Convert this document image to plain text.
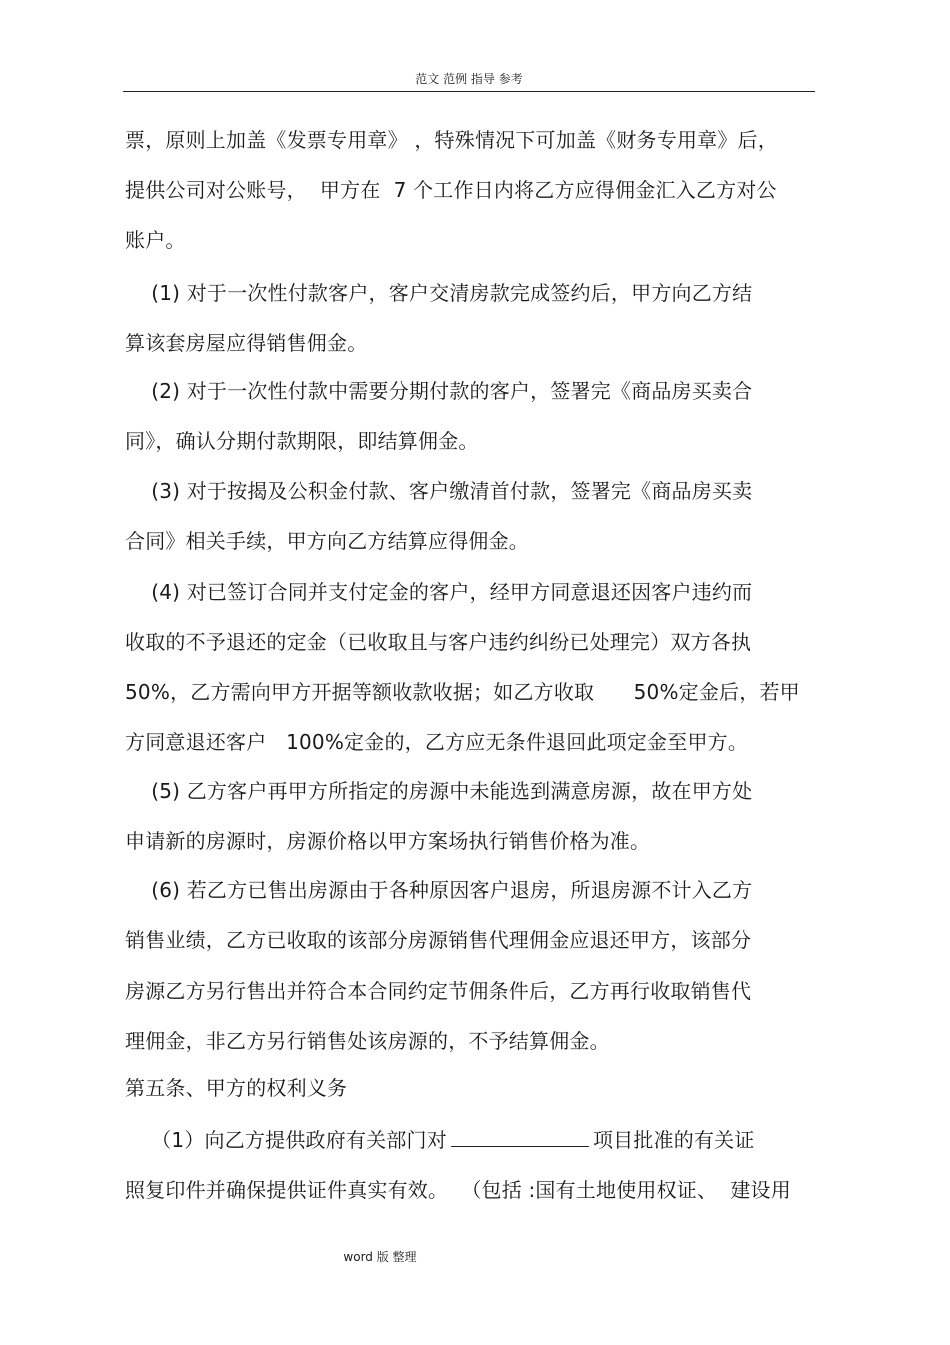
范文 范例 指导 参考
票，原则上加盖《发票专用章》 ，特殊情况下可加盖《财务专用章》后，
提供公司对公账号，  甲方在  7 个工作日内将乙方应得佣金汇入乙方对公
账户。
(1) 对于一次性付款客户，客户交清房款完成签约后，甲方向乙方结
算该套房屋应得销售佣金。
(2) 对于一次性付款中需要分期付款的客户，签署完《商品房买卖合
同》，确认分期付款期限，即结算佣金。
(3) 对于按揭及公积金付款、客户缴清首付款，签署完《商品房买卖
合同》相关手续，甲方向乙方结算应得佣金。
(4) 对已签订合同并支付定金的客户，经甲方同意退还因客户违约而
收取的不予退还的定金（已收取且与客户违约纠纷已处理完）双方各执
50%，乙方需向甲方开据等额收款收据；如乙方收取      50%定金后，若甲
方同意退还客户   100%定金的，乙方应无条件退回此项定金至甲方。
(5) 乙方客户再甲方所指定的房源中未能选到满意房源，故在甲方处
申请新的房源时，房源价格以甲方案场执行销售价格为准。
(6) 若乙方已售出房源由于各种原因客户退房，所退房源不计入乙方
销售业绩，乙方已收取的该部分房源销售代理佣金应退还甲方，该部分
房源乙方另行售出并符合本合同约定节佣条件后，乙方再行收取销售代
理佣金，非乙方另行销售处该房源的，不予结算佣金。
第五条、甲方的权利义务
（1）向乙方提供政府有关部门对	项目批准的有关证
照复印件并确保提供证件真实有效。  （包括 :国有土地使用权证、  建设用
word 版 整理
